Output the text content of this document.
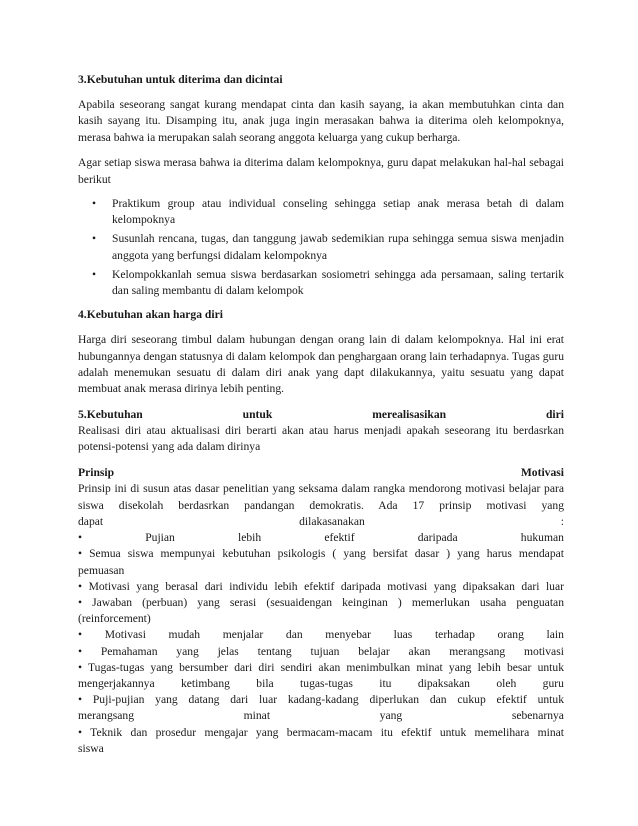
3.Kebutuhan untuk diterima dan dicintai

Apabila seseorang sangat kurang mendapat cinta dan kasih sayang, ia akan membutuhkan cinta dan kasih sayang itu. Disamping itu, anak juga ingin merasakan bahwa ia diterima oleh kelompoknya, merasa bahwa ia merupakan salah seorang anggota keluarga yang cukup berharga.

Agar setiap siswa merasa bahwa ia diterima dalam kelompoknya, guru dapat melakukan hal-hal sebagai berikut

• Praktikum group atau individual conseling sehingga setiap anak merasa betah di dalam kelompoknya
• Susunlah rencana, tugas, dan tanggung jawab sedemikian rupa sehingga semua siswa menjadin anggota yang berfungsi didalam kelompoknya
• Kelompokkanlah semua siswa berdasarkan sosiometri sehingga ada persamaan, saling tertarik dan saling membantu di dalam kelompok

4.Kebutuhan akan harga diri

Harga diri seseorang timbul dalam hubungan dengan orang lain di dalam kelompoknya. Hal ini erat hubungannya dengan statusnya di dalam kelompok dan penghargaan orang lain terhadapnya. Tugas guru adalah menemukan sesuatu di dalam diri anak yang dapt dilakukannya, yaitu sesuatu yang dapat membuat anak merasa dirinya lebih penting.

5.Kebutuhan	untuk	merealisasikan	diri

Realisasi diri atau aktualisasi diri berarti akan atau harus menjadi apakah seseorang itu berdasrkan potensi-potensi yang ada dalam dirinya

Prinsip	Motivasi

Prinsip ini di susun atas dasar penelitian yang seksama dalam rangka mendorong motivasi belajar para siswa disekolah berdasrkan pandangan demokratis. Ada 17 prinsip motivasi yang

dapat	dilakasanakan	:
•	Pujian	lebih	efektif	daripada	hukuman
• Semua siswa mempunyai kebutuhan psikologis ( yang bersifat dasar ) yang harus mendapat
pemuasan
• Motivasi yang berasal dari individu lebih efektif daripada motivasi yang dipaksakan dari luar
• Jawaban (perbuan) yang serasi (sesuaidengan keinginan ) memerlukan usaha penguatan
(reinforcement)
• Motivasi mudah menjalar dan menyebar luas terhadap orang lain
• Pemahaman yang jelas tentang tujuan belajar akan merangsang motivasi
• Tugas-tugas yang bersumber dari diri sendiri akan menimbulkan minat yang lebih besar untuk
mengerjakannya ketimbang bila tugas-tugas itu dipaksakan oleh guru
• Puji-pujian yang datang dari luar kadang-kadang diperlukan dan cukup efektif untuk
merangsang	minat	yang	sebenarnya
• Teknik dan prosedur mengajar yang bermacam-macam itu efektif untuk memelihara minat
siswa
